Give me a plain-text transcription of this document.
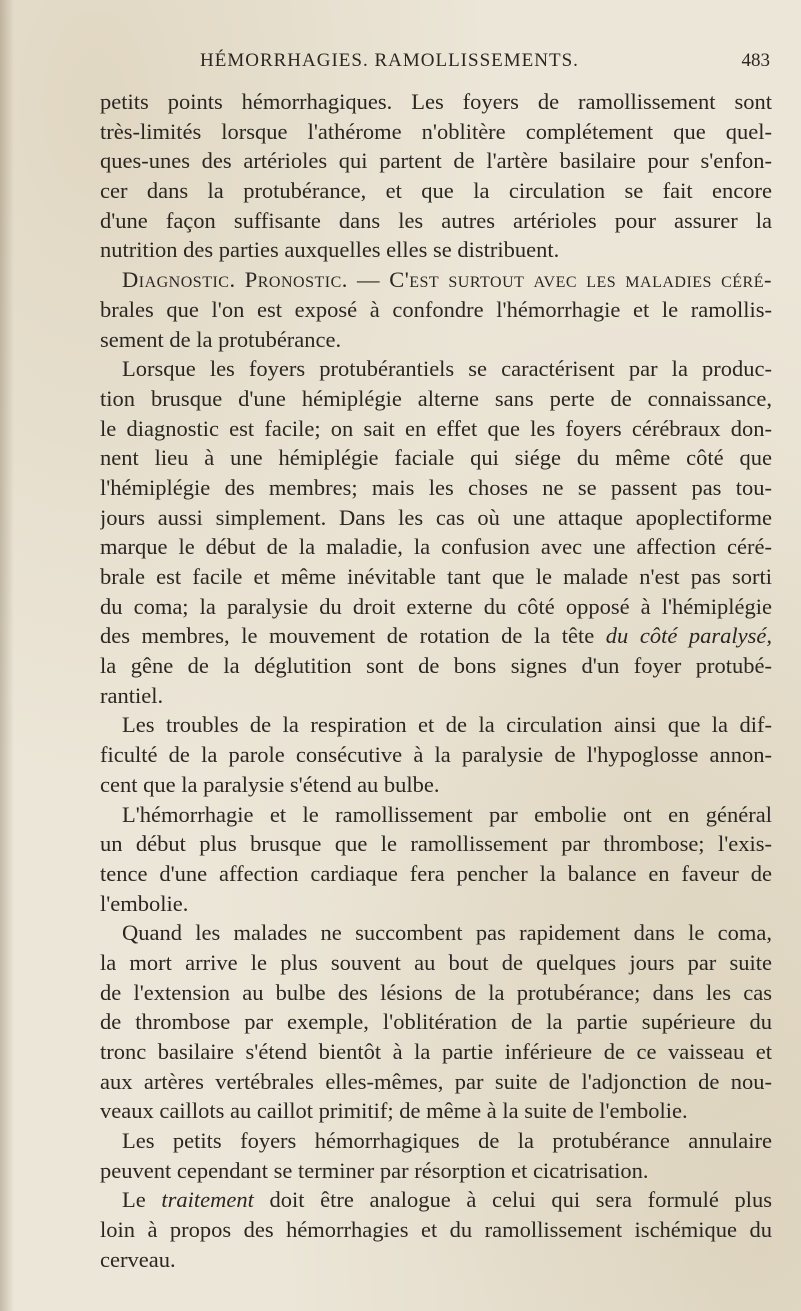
HÉMORRHAGIES. RAMOLLISSEMENTS.	483
petits points hémorrhagiques. Les foyers de ramollissement sont
très-limités lorsque l'athérome n'oblitère complétement que quel-
ques-unes des artérioles qui partent de l'artère basilaire pour s'enfon-
cer dans la protubérance, et que la circulation se fait encore
d'une façon suffisante dans les autres artérioles pour assurer la
nutrition des parties auxquelles elles se distribuent.
Diagnostic. Pronostic. — C'est surtout avec les maladies céré-
brales que l'on est exposé à confondre l'hémorrhagie et le ramollis-
sement de la protubérance.
Lorsque les foyers protubérantiels se caractérisent par la produc-
tion brusque d'une hémiplégie alterne sans perte de connaissance,
le diagnostic est facile; on sait en effet que les foyers cérébraux don-
nent lieu à une hémiplégie faciale qui siége du même côté que
l'hémiplégie des membres; mais les choses ne se passent pas tou-
jours aussi simplement. Dans les cas où une attaque apoplectiforme
marque le début de la maladie, la confusion avec une affection céré-
brale est facile et même inévitable tant que le malade n'est pas sorti
du coma; la paralysie du droit externe du côté opposé à l'hémiplégie
des membres, le mouvement de rotation de la tête du côté paralysé,
la gêne de la déglutition sont de bons signes d'un foyer protubé-
rantiel.
Les troubles de la respiration et de la circulation ainsi que la dif-
ficulté de la parole consécutive à la paralysie de l'hypoglosse annon-
cent que la paralysie s'étend au bulbe.
L'hémorrhagie et le ramollissement par embolie ont en général
un début plus brusque que le ramollissement par thrombose; l'exis-
tence d'une affection cardiaque fera pencher la balance en faveur de
l'embolie.
Quand les malades ne succombent pas rapidement dans le coma,
la mort arrive le plus souvent au bout de quelques jours par suite
de l'extension au bulbe des lésions de la protubérance; dans les cas
de thrombose par exemple, l'oblitération de la partie supérieure du
tronc basilaire s'étend bientôt à la partie inférieure de ce vaisseau et
aux artères vertébrales elles-mêmes, par suite de l'adjonction de nou-
veaux caillots au caillot primitif; de même à la suite de l'embolie.
Les petits foyers hémorrhagiques de la protubérance annulaire
peuvent cependant se terminer par résorption et cicatrisation.
Le traitement doit être analogue à celui qui sera formulé plus
loin à propos des hémorrhagies et du ramollissement ischémique du
cerveau.
